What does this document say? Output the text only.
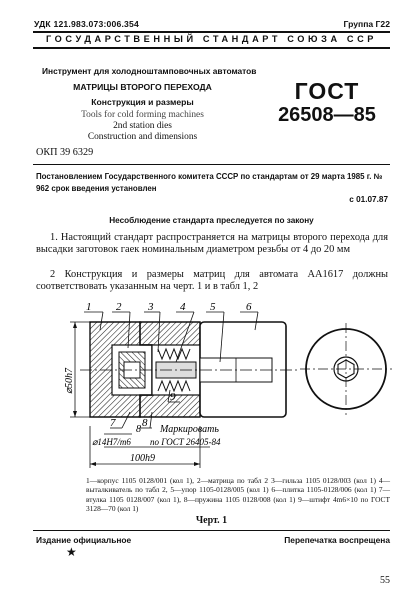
УДК 121.983.073:006.354	Группа Г22
ГОСУДАРСТВЕННЫЙ СТАНДАРТ СОЮЗА ССР
Инструмент для холодноштамповочных автоматов
МАТРИЦЫ ВТОРОГО ПЕРЕХОДА
Конструкция и размеры
Tools for cold forming machines
2nd station dies
Construction and dimensions
ОКП 39 6329
ГОСТ
26508—85
Постановлением Государственного комитета СССР по стандартам от 29 марта 1985 г. № 962 срок введения установлен
с 01.07.87
Несоблюдение стандарта преследуется по закону

1. Настоящий стандарт распространяется на матрицы второго перехода для высадки заготовок гаек номинальным диаметром резьбы от 4 до 20 мм

2 Конструкция и размеры матриц для автомата АА1617 должны соответствовать указанным на черт. 1 и в табл 1, 2

1 2 3 4 5	6
7 8
9
⌀50h7
8
⌀14H7/m6
Маркировать
по ГОСТ 26405-84
100h9
1—корпус 1105 0128/001 (кол 1), 2—матрица по табл 2 3—гильза 1105 0128/003 (кол 1) 4—выталкиватель по табл 2, 5—упор 1105-0128/005 (кол 1) 6—плитка 1105-0128/006 (кол 1) 7—втулка 1105 0128/007 (кол 1), 8—пружина 1105 0128/008 (кол 1) 9—штифт 4m6×10 по ГОСТ 3128—70 (кол 1)
Черт. 1
Издание официальное	Перепечатка воспрещена
★
55
